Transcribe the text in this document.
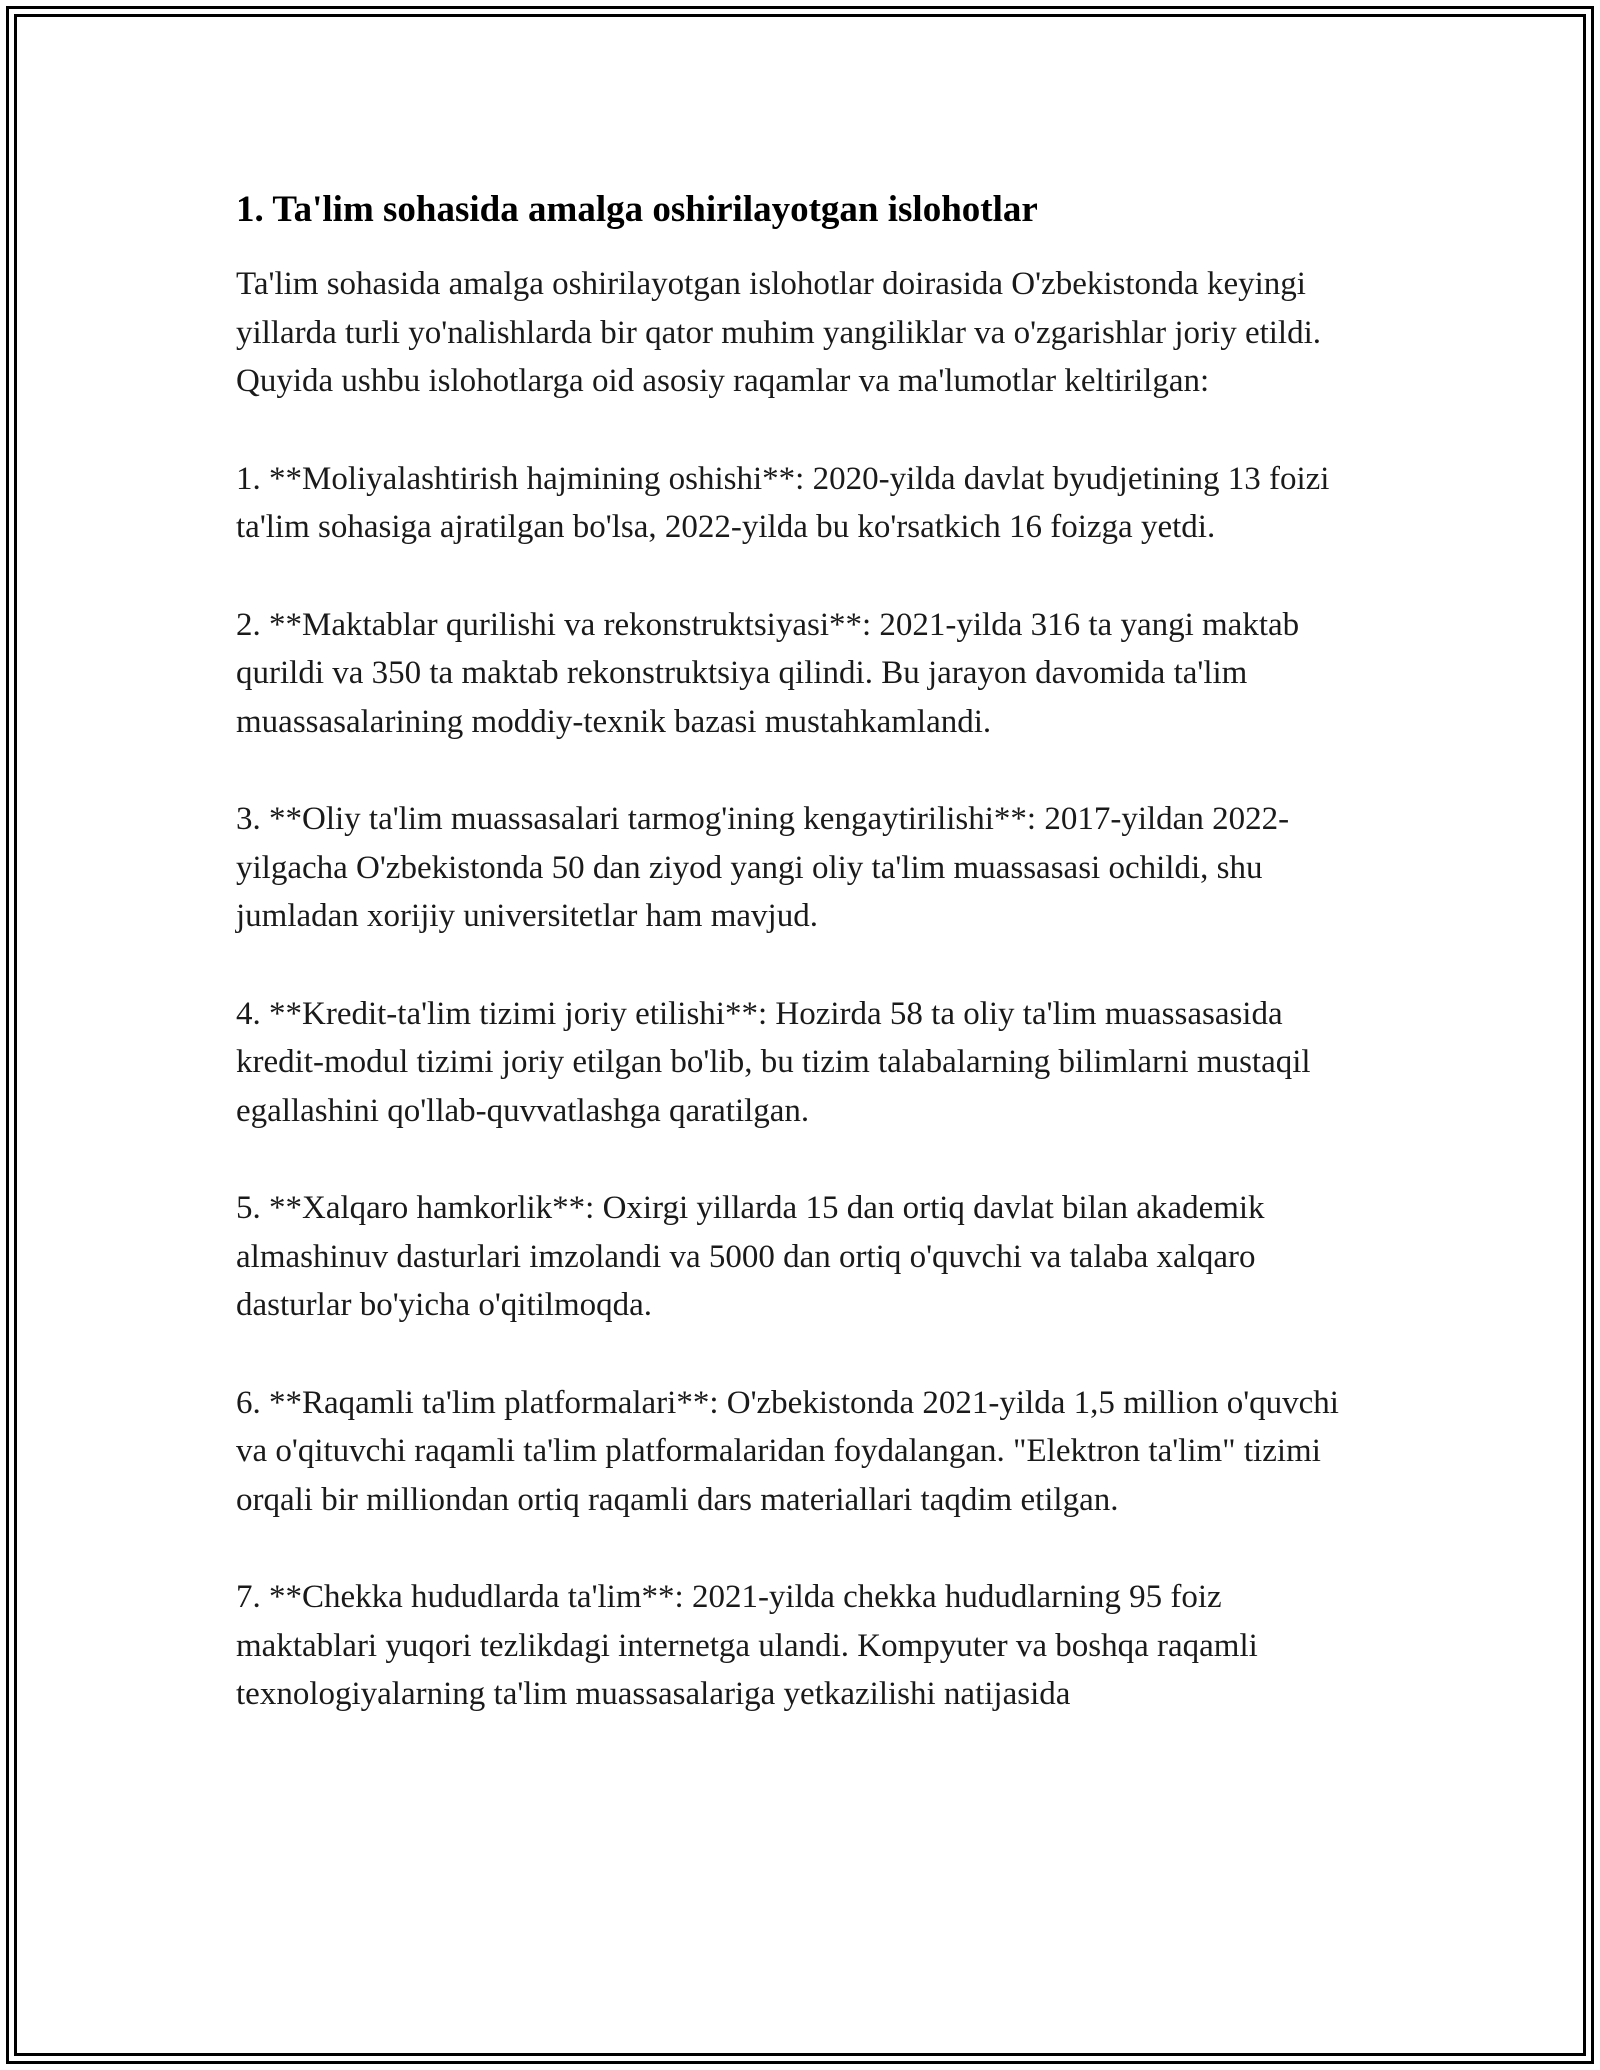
1. Ta'lim sohasida amalga oshirilayotgan islohotlar

Ta'lim sohasida amalga oshirilayotgan islohotlar doirasida O'zbekistonda keyingi yillarda turli yo'nalishlarda bir qator muhim yangiliklar va o'zgarishlar joriy etildi. Quyida ushbu islohotlarga oid asosiy raqamlar va ma'lumotlar keltirilgan:

1. **Moliyalashtirish hajmining oshishi**: 2020-yilda davlat byudjetining 13 foizi ta'lim sohasiga ajratilgan bo'lsa, 2022-yilda bu ko'rsatkich 16 foizga yetdi.

2. **Maktablar qurilishi va rekonstruktsiyasi**: 2021-yilda 316 ta yangi maktab qurildi va 350 ta maktab rekonstruktsiya qilindi. Bu jarayon davomida ta'lim muassasalarining moddiy-texnik bazasi mustahkamlandi.

3. **Oliy ta'lim muassasalari tarmog'ining kengaytirilishi**: 2017-yildan 2022-yilgacha O'zbekistonda 50 dan ziyod yangi oliy ta'lim muassasasi ochildi, shu jumladan xorijiy universitetlar ham mavjud.

4. **Kredit-ta'lim tizimi joriy etilishi**: Hozirda 58 ta oliy ta'lim muassasasida kredit-modul tizimi joriy etilgan bo'lib, bu tizim talabalarning bilimlarni mustaqil egallashini qo'llab-quvvatlashga qaratilgan.

5. **Xalqaro hamkorlik**: Oxirgi yillarda 15 dan ortiq davlat bilan akademik almashinuv dasturlari imzolandi va 5000 dan ortiq o'quvchi va talaba xalqaro dasturlar bo'yicha o'qitilmoqda.

6. **Raqamli ta'lim platformalari**: O'zbekistonda 2021-yilda 1,5 million o'quvchi va o'qituvchi raqamli ta'lim platformalaridan foydalangan. "Elektron ta'lim" tizimi orqali bir milliondan ortiq raqamli dars materiallari taqdim etilgan.

7. **Chekka hududlarda ta'lim**: 2021-yilda chekka hududlarning 95 foiz maktablari yuqori tezlikdagi internetga ulandi. Kompyuter va boshqa raqamli texnologiyalarning ta'lim muassasalariga yetkazilishi natijasida
